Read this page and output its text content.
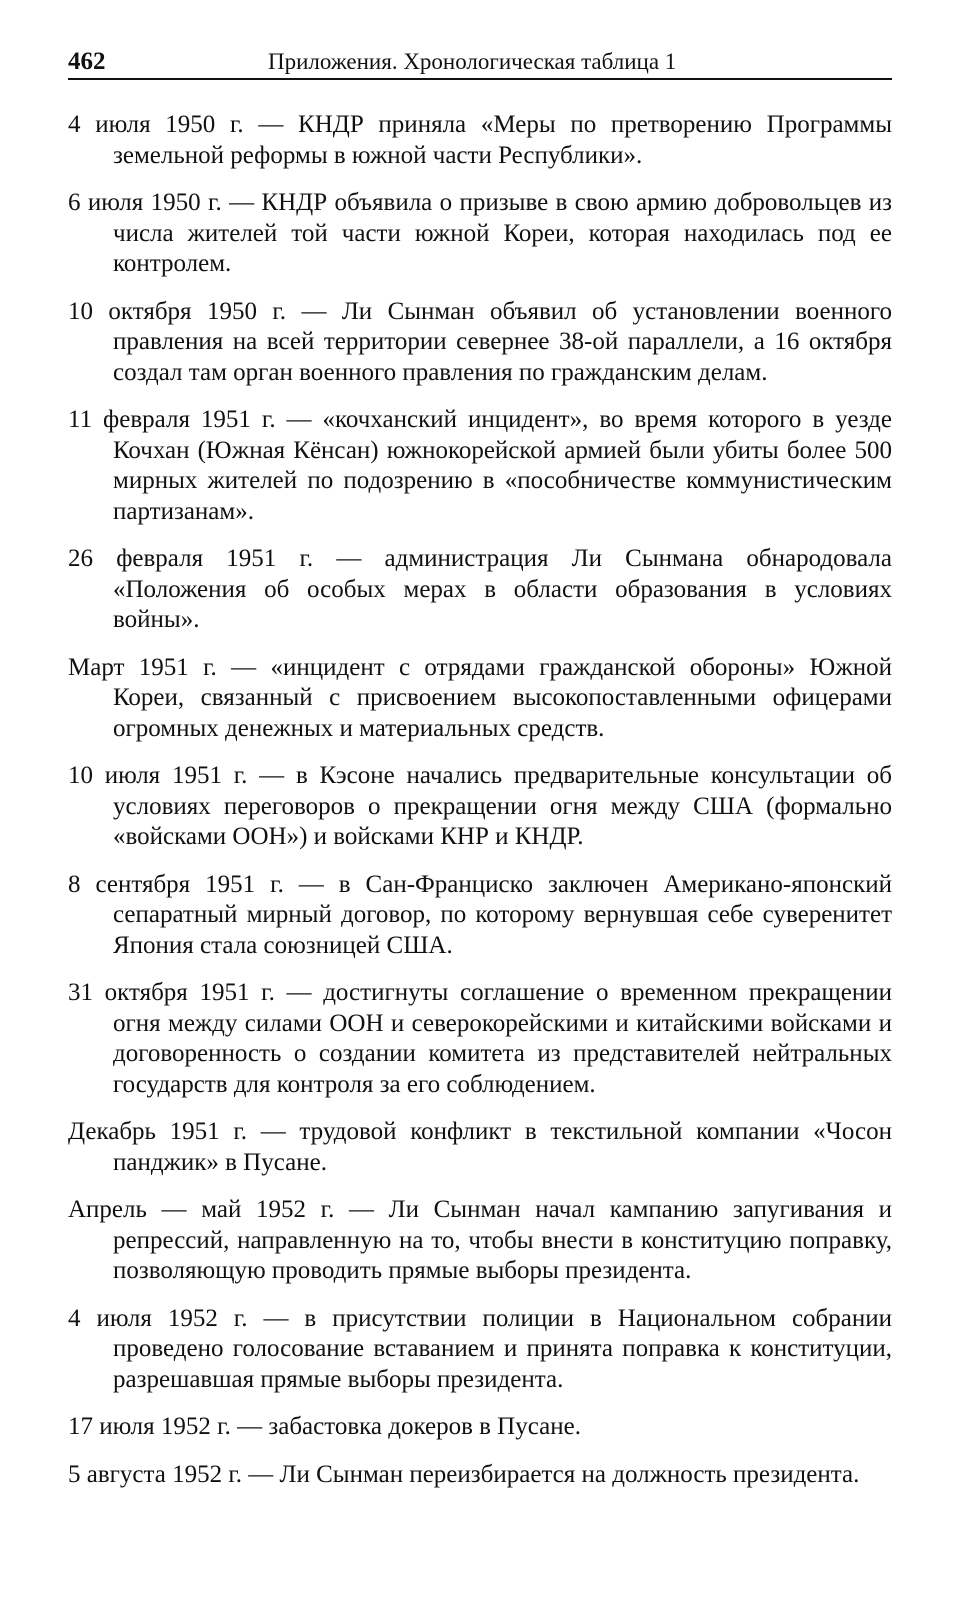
462	Приложения. Хронологическая таблица 1

4 июля 1950 г. — КНДР приняла «Меры по претворению Программы земельной реформы в южной части Республики».

6 июля 1950 г. — КНДР объявила о призыве в свою армию добровольцев из числа жителей той части южной Кореи, которая находилась под ее контролем.

10 октября 1950 г. — Ли Сынман объявил об установлении военного правления на всей территории севернее 38-ой параллели, а 16 октября создал там орган военного правления по гражданским делам.

11 февраля 1951 г. — «кочханский инцидент», во время которого в уезде Кочхан (Южная Кёнсан) южнокорейской армией были убиты более 500 мирных жителей по подозрению в «пособничестве коммунистическим партизанам».

26 февраля 1951 г. — администрация Ли Сынмана обнародовала «Положения об особых мерах в области образования в условиях войны».

Март 1951 г. — «инцидент с отрядами гражданской обороны» Южной Кореи, связанный с присвоением высокопоставленными офицерами огромных денежных и материальных средств.

10 июля 1951 г. — в Кэсоне начались предварительные консультации об условиях переговоров о прекращении огня между США (формально «войсками ООН») и войсками КНР и КНДР.

8 сентября 1951 г. — в Сан-Франциско заключен Американо-японский сепаратный мирный договор, по которому вернувшая себе суверенитет Япония стала союзницей США.

31 октября 1951 г. — достигнуты соглашение о временном прекращении огня между силами ООН и северокорейскими и китайскими войсками и договоренность о создании комитета из представителей нейтральных государств для контроля за его соблюдением.

Декабрь 1951 г. — трудовой конфликт в текстильной компании «Чосон панджик» в Пусане.

Апрель — май 1952 г. — Ли Сынман начал кампанию запугивания и репрессий, направленную на то, чтобы внести в конституцию поправку, позволяющую проводить прямые выборы президента.

4 июля 1952 г. — в присутствии полиции в Национальном собрании проведено голосование вставанием и принята поправка к конституции, разрешавшая прямые выборы президента.

17 июля 1952 г. — забастовка докеров в Пусане.

5 августа 1952 г. — Ли Сынман переизбирается на должность президента.
